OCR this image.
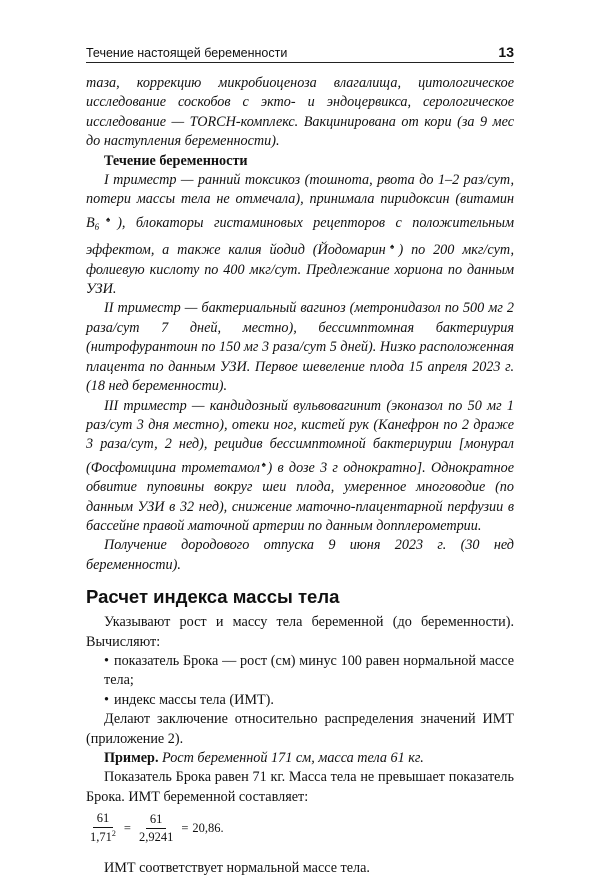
Течение настоящей беременности	13

таза, коррекцию микробиоценоза влагалища, цитологическое исследование соскобов с экто- и эндоцервикса, серологическое исследование — TORCH-комплекс. Вакцинирована от кори (за 9 мес до наступления беременности).

Течение беременности

I триместр — ранний токсикоз (тошнота, рвота до 1–2 раз/сут, потери массы тела не отмечала), принимала пиридоксин (витамин $B_6^♠$), блокаторы гистаминовых рецепторов с положительным эффектом, а также калия йодид (Йодомарин♠) по 200 мкг/сут, фолиевую кислоту по 400 мкг/сут. Предлежание хориона по данным УЗИ.

II триместр — бактериальный вагиноз (метронидазол по 500 мг 2 раза/сут 7 дней, местно), бессимптомная бактериурия (нитрофурантоин по 150 мг 3 раза/сут 5 дней). Низко расположенная плацента по данным УЗИ. Первое шевеление плода 15 апреля 2023 г. (18 нед беременности).

III триместр — кандидозный вульвовагинит (эконазол по 50 мг 1 раз/сут 3 дня местно), отеки ног, кистей рук (Канефрон по 2 драже 3 раза/сут, 2 нед), рецидив бессимптомной бактериурии [монурал (Фосфомицина трометамол♠) в дозе 3 г однократно]. Однократное обвитие пуповины вокруг шеи плода, умеренное многоводие (по данным УЗИ в 32 нед), снижение маточно-плацентарной перфузии в бассейне правой маточной артерии по данным допплерометрии.

Получение дородового отпуска 9 июня 2023 г. (30 нед беременности).

Расчет индекса массы тела

Указывают рост и массу тела беременной (до беременности). Вычисляют:

• показатель Брока — рост (см) минус 100 равен нормальной массе тела;

• индекс массы тела (ИМТ).

Делают заключение относительно распределения значений ИМТ (приложение 2).

Пример. Рост беременной 171 см, масса тела 61 кг.

Показатель Брока равен 71 кг. Масса тела не превышает показатель Брока. ИМТ беременной составляет:

$\frac{61}{1,71^2} = \frac{61}{2,9241} = 20,86$.

ИМТ соответствует нормальной массе тела.
